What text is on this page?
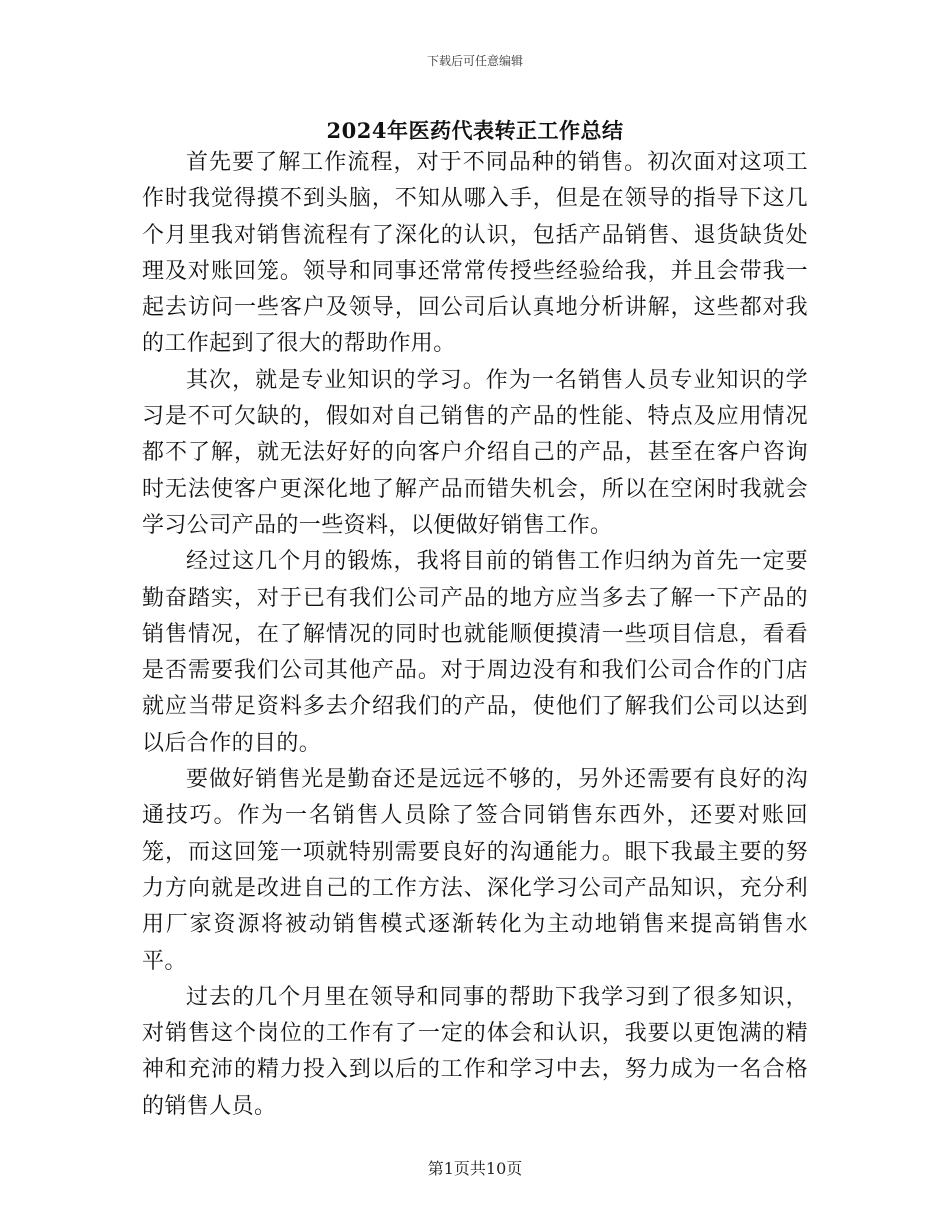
下载后可任意编辑
2024年医药代表转正工作总结

首先要了解工作流程，对于不同品种的销售。初次面对这项工作时我觉得摸不到头脑，不知从哪入手，但是在领导的指导下这几个月里我对销售流程有了深化的认识，包括产品销售、退货缺货处理及对账回笼。领导和同事还常常传授些经验给我，并且会带我一起去访问一些客户及领导，回公司后认真地分析讲解，这些都对我的工作起到了很大的帮助作用。

其次，就是专业知识的学习。作为一名销售人员专业知识的学习是不可欠缺的，假如对自己销售的产品的性能、特点及应用情况都不了解，就无法好好的向客户介绍自己的产品，甚至在客户咨询时无法使客户更深化地了解产品而错失机会，所以在空闲时我就会学习公司产品的一些资料，以便做好销售工作。

经过这几个月的锻炼，我将目前的销售工作归纳为首先一定要勤奋踏实，对于已有我们公司产品的地方应当多去了解一下产品的销售情况，在了解情况的同时也就能顺便摸清一些项目信息，看看是否需要我们公司其他产品。对于周边没有和我们公司合作的门店就应当带足资料多去介绍我们的产品，使他们了解我们公司以达到以后合作的目的。

要做好销售光是勤奋还是远远不够的，另外还需要有良好的沟通技巧。作为一名销售人员除了签合同销售东西外，还要对账回笼，而这回笼一项就特别需要良好的沟通能力。眼下我最主要的努力方向就是改进自己的工作方法、深化学习公司产品知识，充分利用厂家资源将被动销售模式逐渐转化为主动地销售来提高销售水平。

过去的几个月里在领导和同事的帮助下我学习到了很多知识，对销售这个岗位的工作有了一定的体会和认识，我要以更饱满的精神和充沛的精力投入到以后的工作和学习中去，努力成为一名合格的销售人员。

第1页共10页
